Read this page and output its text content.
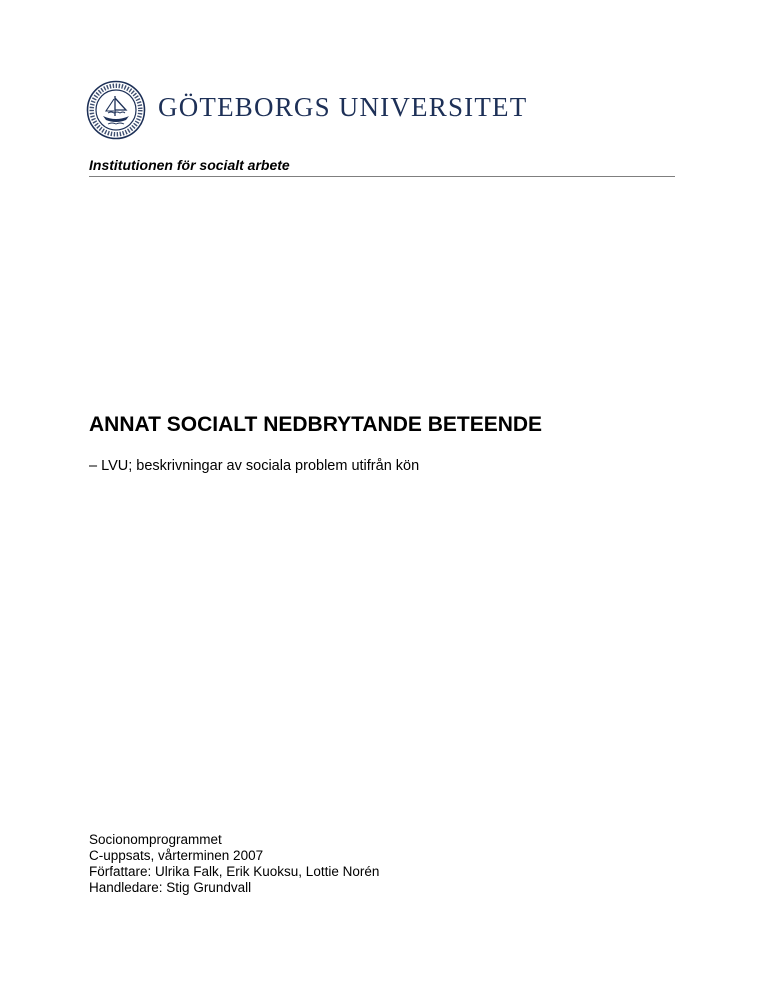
GÖTEBORGS UNIVERSITET
Institutionen för socialt arbete
ANNAT SOCIALT NEDBRYTANDE BETEENDE
– LVU; beskrivningar av sociala problem utifrån kön
Socionomprogrammet
C-uppsats, vårterminen 2007
Författare: Ulrika Falk, Erik Kuoksu, Lottie Norén
Handledare: Stig Grundvall
